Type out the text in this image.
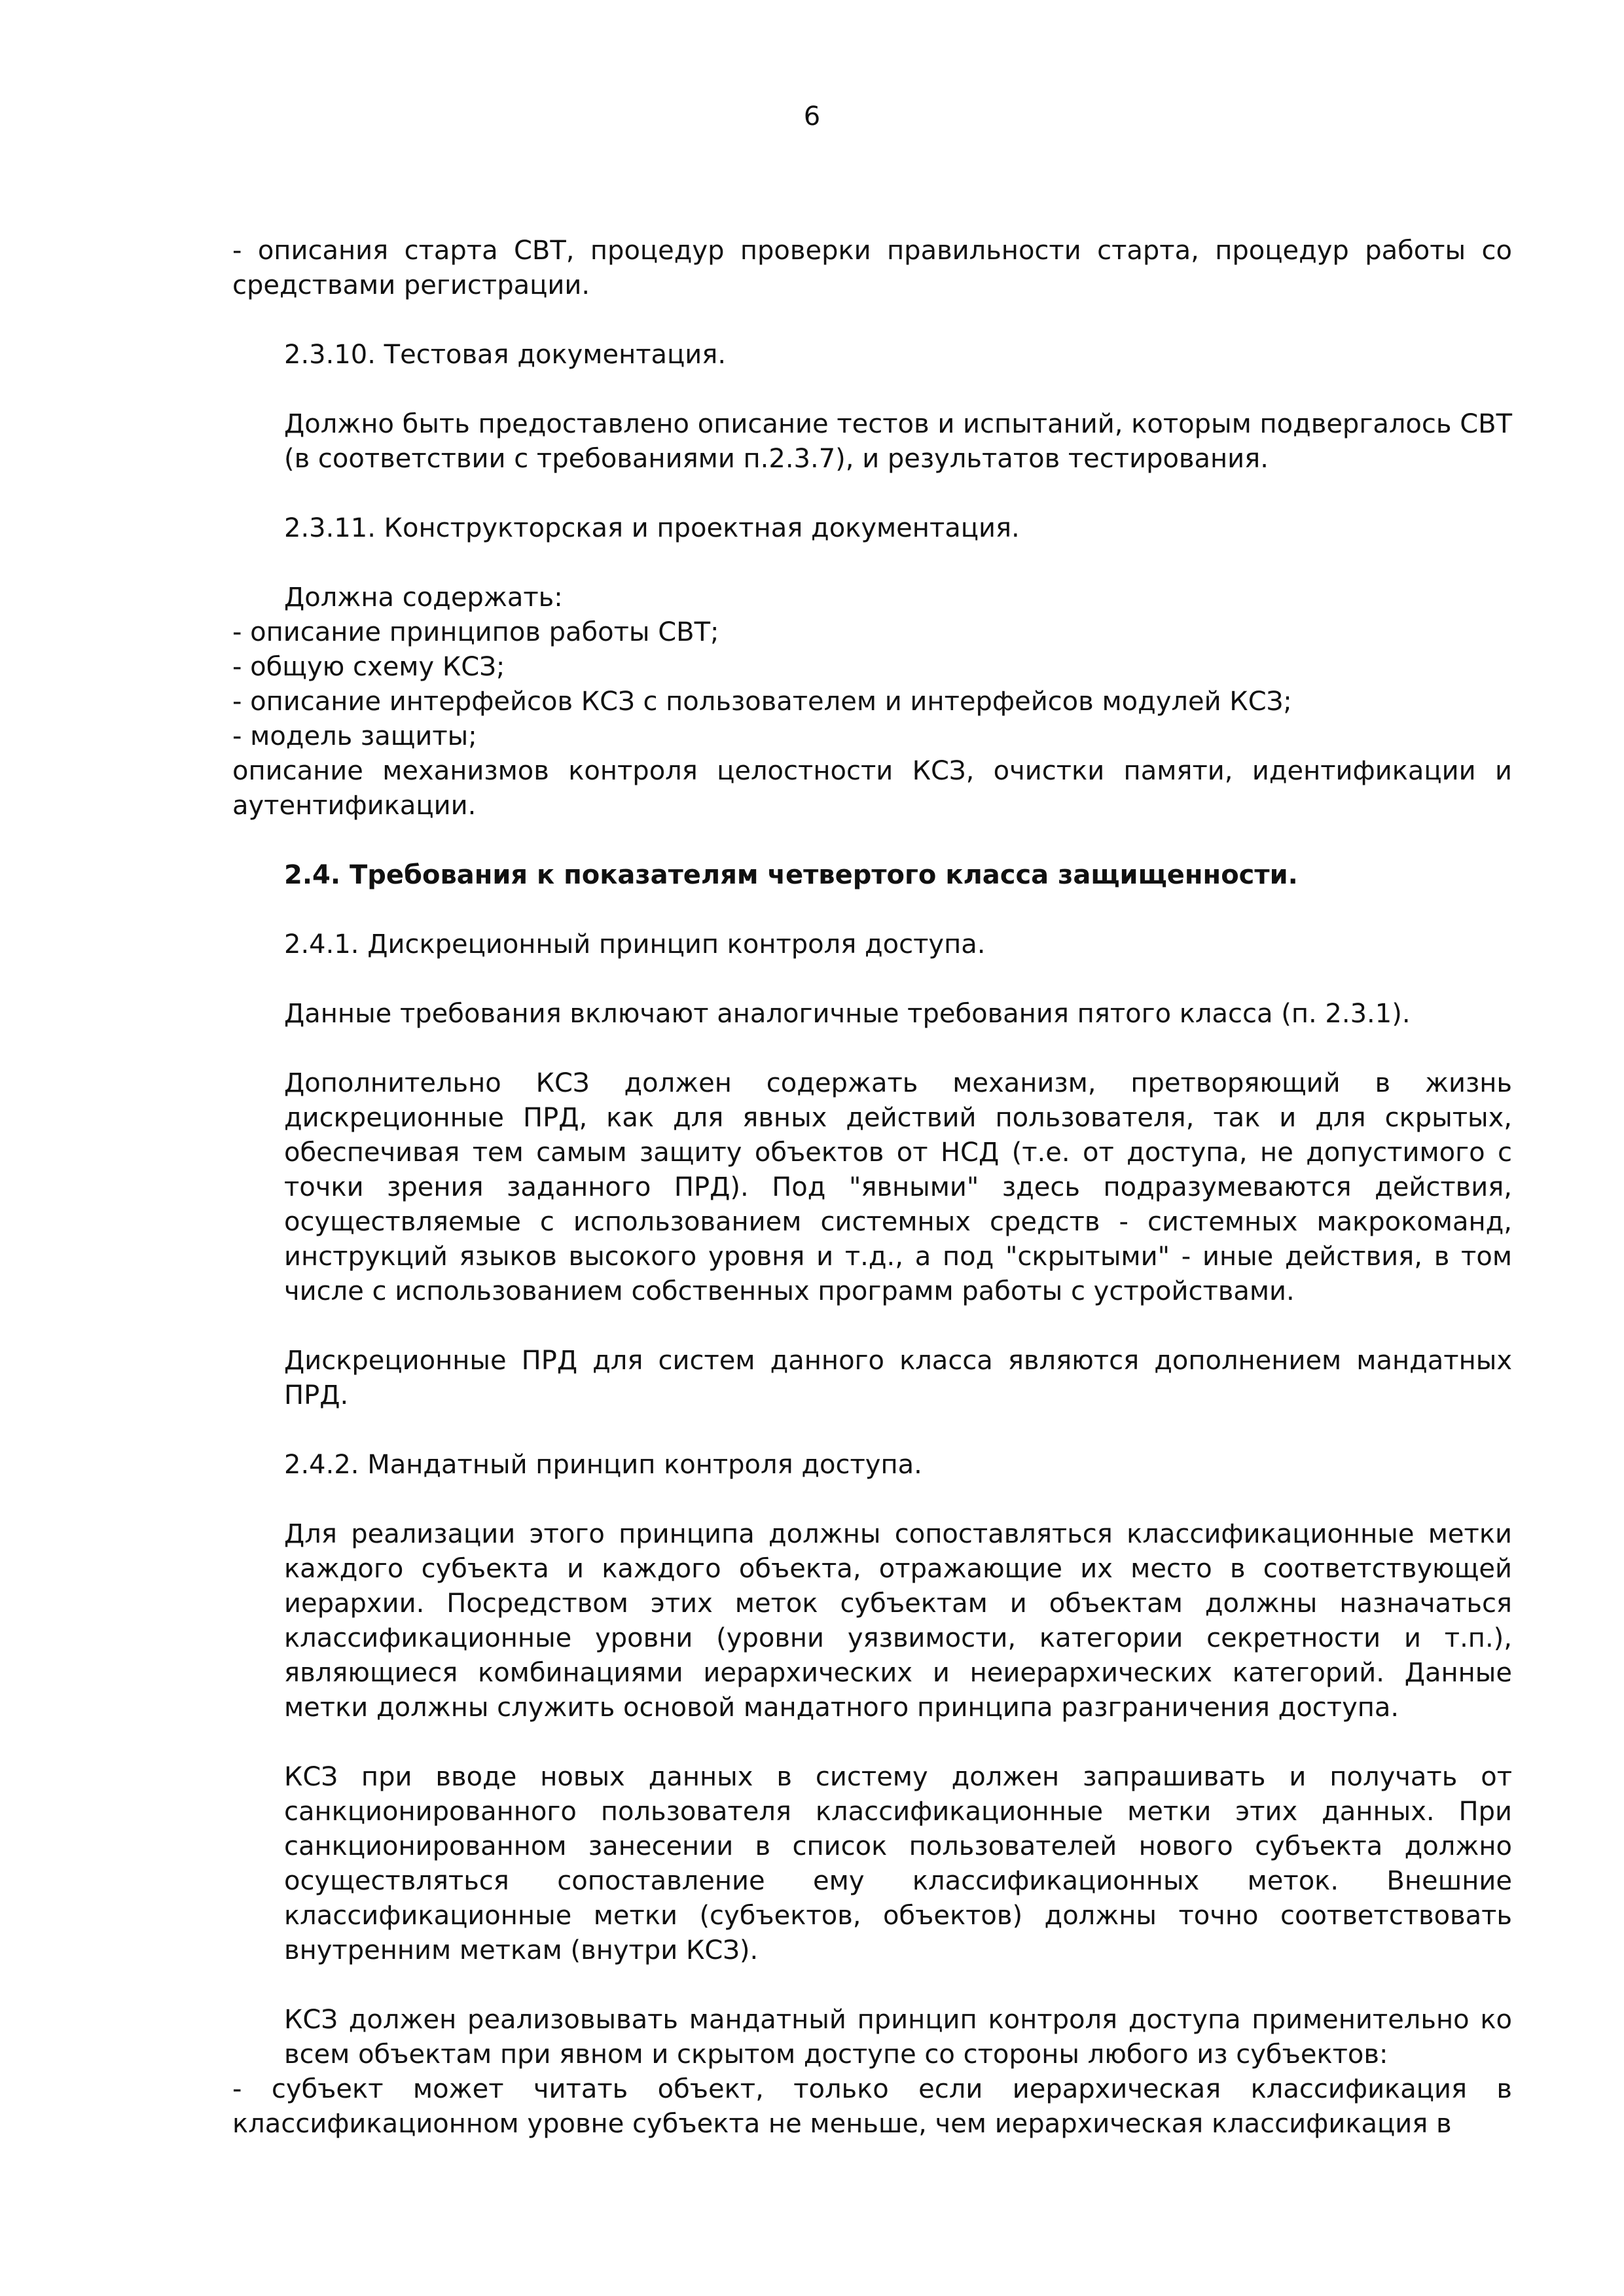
6

- описания старта СВТ, процедур проверки правильности старта, процедур работы со средствами регистрации.

2.3.10. Тестовая документация.

Должно быть предоставлено описание тестов и испытаний, которым подвергалось СВТ (в соответствии с требованиями п.2.3.7), и результатов тестирования.

2.3.11. Конструкторская и проектная документация.

Должна содержать:

- описание принципов работы СВТ;

- общую схему КСЗ;

- описание интерфейсов КСЗ с пользователем и интерфейсов модулей КСЗ;

- модель защиты;

описание механизмов контроля целостности КСЗ, очистки памяти, идентификации и аутентификации.

2.4. Требования к показателям четвертого класса защищенности.

2.4.1. Дискреционный принцип контроля доступа.

Данные требования включают аналогичные требования пятого класса (п. 2.3.1).

Дополнительно КСЗ должен содержать механизм, претворяющий в жизнь дискреционные ПРД, как для явных действий пользователя, так и для скрытых, обеспечивая тем самым защиту объектов от НСД (т.е. от доступа, не допустимого с точки зрения заданного ПРД). Под "явными" здесь подразумеваются действия, осуществляемые с использованием системных средств - системных макрокоманд, инструкций языков высокого уровня и т.д., а под "скрытыми" - иные действия, в том числе с использованием собственных программ работы с устройствами.

Дискреционные ПРД для систем данного класса являются дополнением мандатных ПРД.

2.4.2. Мандатный принцип контроля доступа.

Для реализации этого принципа должны сопоставляться классификационные метки каждого субъекта и каждого объекта, отражающие их место в соответствующей иерархии. Посредством этих меток субъектам и объектам должны назначаться классификационные уровни (уровни уязвимости, категории секретности и т.п.), являющиеся комбинациями иерархических и неиерархических категорий. Данные метки должны служить основой мандатного принципа разграничения доступа.

КСЗ при вводе новых данных в систему должен запрашивать и получать от санкционированного пользователя классификационные метки этих данных. При санкционированном занесении в список пользователей нового субъекта должно осуществляться сопоставление ему классификационных меток. Внешние классификационные метки (субъектов, объектов) должны точно соответствовать внутренним меткам (внутри КСЗ).

КСЗ должен реализовывать мандатный принцип контроля доступа применительно ко всем объектам при явном и скрытом доступе со стороны любого из субъектов:

- субъект может читать объект, только если иерархическая классификация в классификационном уровне субъекта не меньше, чем иерархическая классификация в
